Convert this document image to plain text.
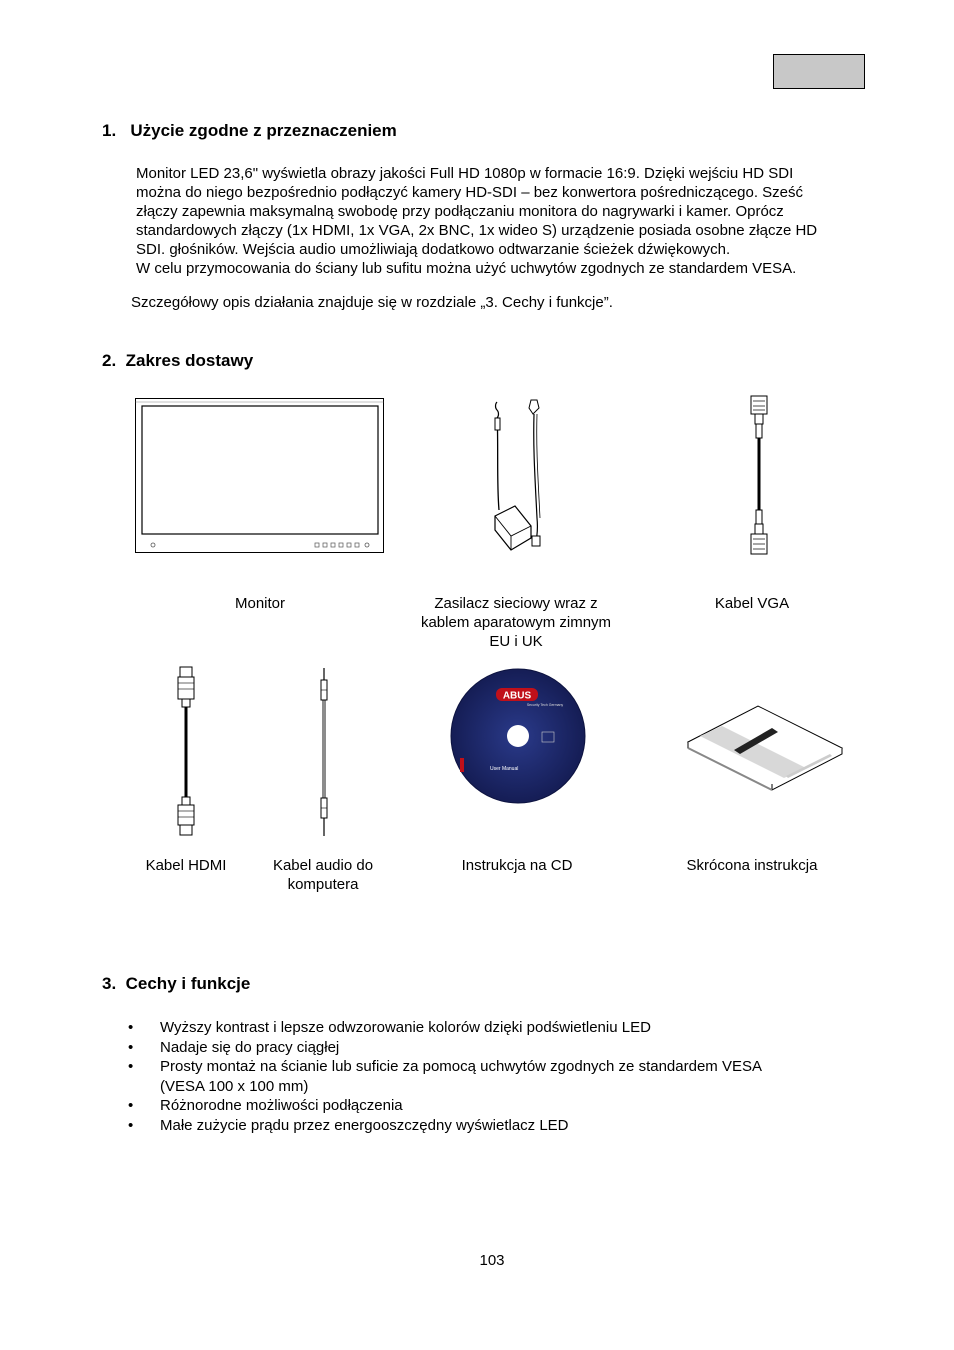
1.   Użycie zgodne z przeznaczeniem
Monitor LED 23,6" wyświetla obrazy jakości Full HD 1080p w formacie 16:9. Dzięki wejściu HD SDI
można do niego bezpośrednio podłączyć kamery HD-SDI – bez konwertora pośredniczącego. Sześć
złączy zapewnia maksymalną swobodę przy podłączaniu monitora do nagrywarki i kamer. Oprócz
standardowych złączy (1x HDMI, 1x VGA, 2x BNC, 1x wideo S) urządzenie posiada osobne złącze HD
SDI. głośników. Wejścia audio umożliwiają dodatkowo odtwarzanie ścieżek dźwiękowych.
W celu przymocowania do ściany lub sufitu można użyć uchwytów zgodnych ze standardem VESA.
Szczegółowy opis działania znajduje się w rozdziale „3. Cechy i funkcje”.
2.  Zakres dostawy
Monitor	Zasilacz sieciowy wraz z
kablem aparatowym zimnym
EU i UK
Kabel VGA
ABUS
Security Tech Germany
User Manual
Kabel HDMI	Kabel audio do
komputera
Instrukcja na CD	Skrócona instrukcja
3.  Cechy i funkcje
• Wyższy kontrast i lepsze odwzorowanie kolorów dzięki podświetleniu LED
• Nadaje się do pracy ciągłej
• Prosty montaż na ścianie lub suficie za pomocą uchwytów zgodnych ze standardem VESA
(VESA 100 x 100 mm)
• Różnorodne możliwości podłączenia
• Małe zużycie prądu przez energooszczędny wyświetlacz LED
103
